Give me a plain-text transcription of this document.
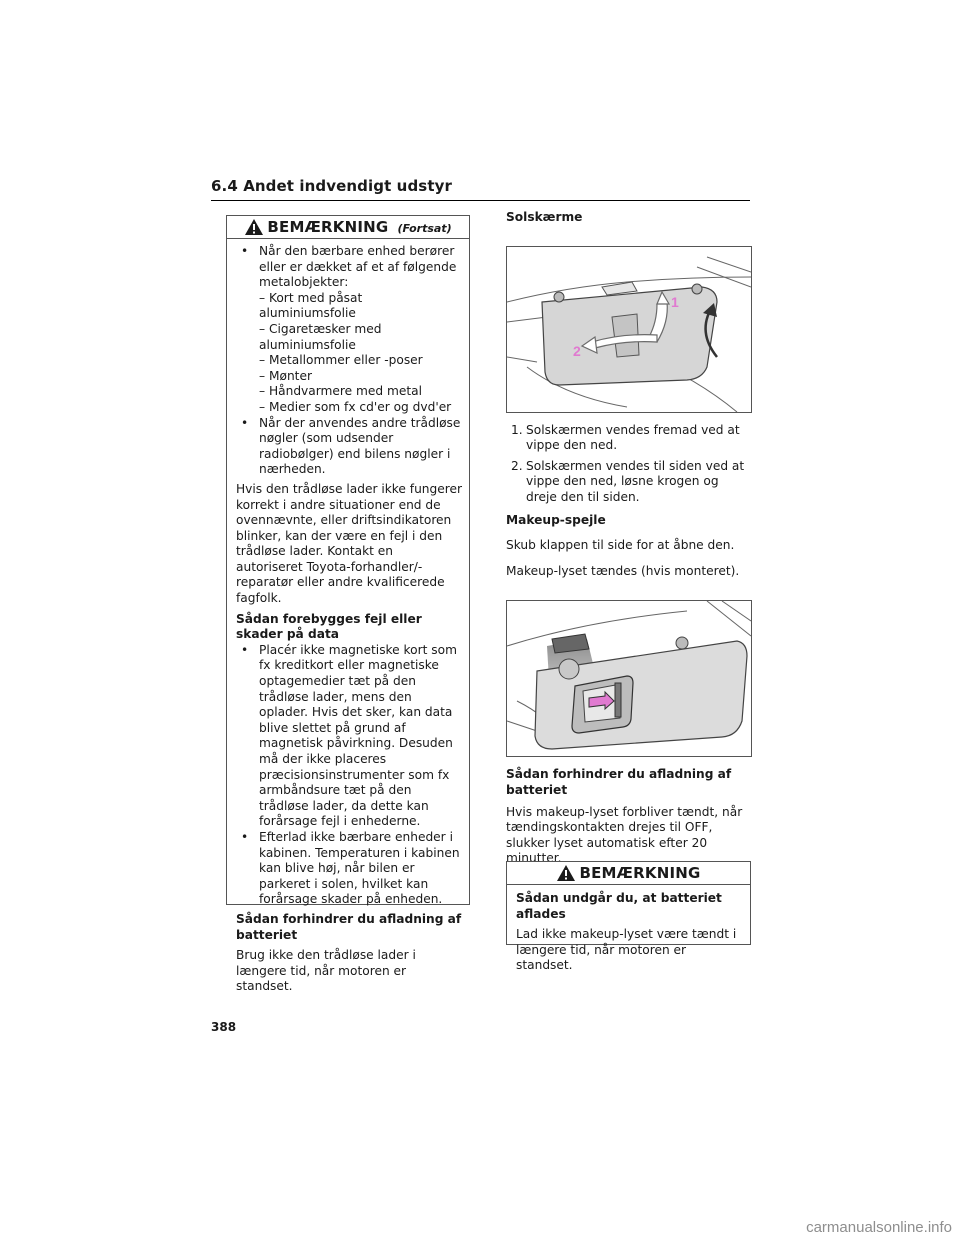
6.4 Andet indvendigt udstyr
BEMÆRKNING (Fortsat)
• Når den bærbare enhed berører eller er dækket af et af følgende metalobjekter:
– Kort med påsat aluminiumsfolie
– Cigaretæsker med aluminiumsfolie
– Metallommer eller -poser
– Mønter
– Håndvarmere med metal
– Medier som fx cd'er og dvd'er
• Når der anvendes andre trådløse nøgler (som udsender radiobølger) end bilens nøgler i nærheden.

Hvis den trådløse lader ikke fungerer korrekt i andre situationer end de ovennævnte, eller driftsindikatoren blinker, kan der være en fejl i den trådløse lader. Kontakt en autoriseret Toyota-forhandler/-reparatør eller andre kvalificerede fagfolk.

Sådan forebygges fejl eller skader på data

• Placér ikke magnetiske kort som fx kreditkort eller magnetiske optagemedier tæt på den trådløse lader, mens den oplader. Hvis det sker, kan data blive slettet på grund af magnetisk påvirkning. Desuden må der ikke placeres præcisionsinstrumenter som fx armbåndsure tæt på den trådløse lader, da dette kan forårsage fejl i enhederne.
• Efterlad ikke bærbare enheder i kabinen. Temperaturen i kabinen kan blive høj, når bilen er parkeret i solen, hvilket kan forårsage skader på enheden.

Sådan forhindrer du afladning af batteriet

Brug ikke den trådløse lader i længere tid, når motoren er standset.

Solskærme

1
2
1. Solskærmen vendes fremad ved at vippe den ned.
2. Solskærmen vendes til siden ved at vippe den ned, løsne krogen og dreje den til siden.

Makeup-spejle

Skub klappen til side for at åbne den.

Makeup-lyset tændes (hvis monteret).

Sådan forhindrer du afladning af batteriet

Hvis makeup-lyset forbliver tændt, når tændingskontakten drejes til OFF, slukker lyset automatisk efter 20 minutter.

BEMÆRKNING

Sådan undgår du, at batteriet aflades

Lad ikke makeup-lyset være tændt i længere tid, når motoren er standset.

388
carmanualsonline.info
